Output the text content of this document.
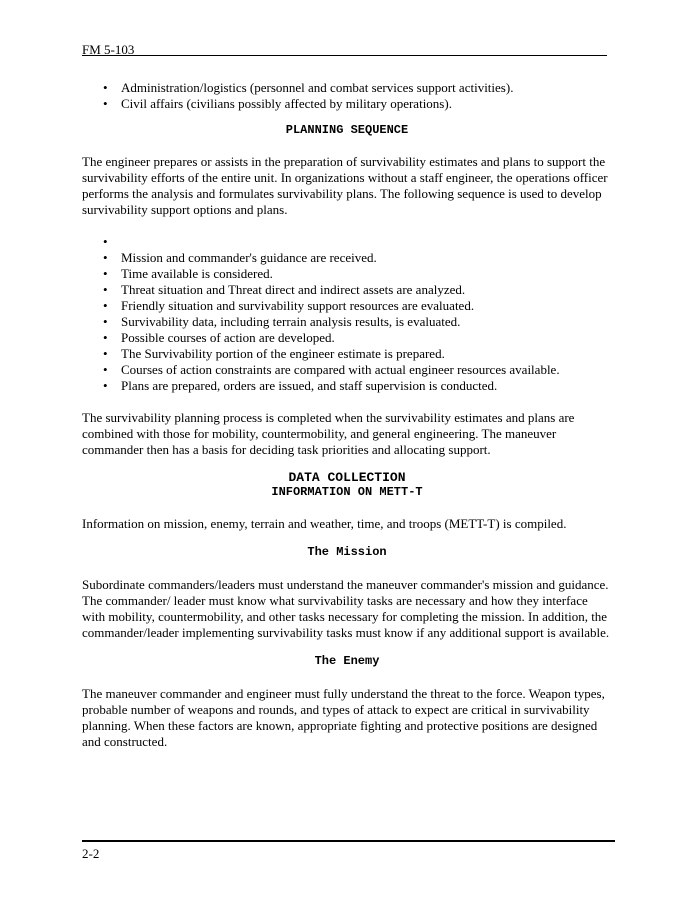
FM 5-103
• Administration/logistics (personnel and combat services support activities).
• Civil affairs (civilians possibly affected by military operations).
PLANNING SEQUENCE

The engineer prepares or assists in the preparation of survivability estimates and plans to support the survivability efforts of the entire unit. In organizations without a staff engineer, the operations officer performs the analysis and formulates survivability plans. The following sequence is used to develop survivability support options and plans.

•
• Mission and commander's guidance are received.
• Time available is considered.
• Threat situation and Threat direct and indirect assets are analyzed.
• Friendly situation and survivability support resources are evaluated.
• Survivability data, including terrain analysis results, is evaluated.
• Possible courses of action are developed.
• The Survivability portion of the engineer estimate is prepared.
• Courses of action constraints are compared with actual engineer resources available.
• Plans are prepared, orders are issued, and staff supervision is conducted.

The survivability planning process is completed when the survivability estimates and plans are combined with those for mobility, countermobility, and general engineering. The maneuver commander then has a basis for deciding task priorities and allocating support.

DATA COLLECTION
INFORMATION ON METT-T

Information on mission, enemy, terrain and weather, time, and troops (METT-T) is compiled.

The Mission

Subordinate commanders/leaders must understand the maneuver commander's mission and guidance. The commander/ leader must know what survivability tasks are necessary and how they interface with mobility, countermobility, and other tasks necessary for completing the mission. In addition, the commander/leader implementing survivability tasks must know if any additional support is available.

The Enemy

The maneuver commander and engineer must fully understand the threat to the force. Weapon types, probable number of weapons and rounds, and types of attack to expect are critical in survivability planning. When these factors are known, appropriate fighting and protective positions are designed and constructed.

2-2
